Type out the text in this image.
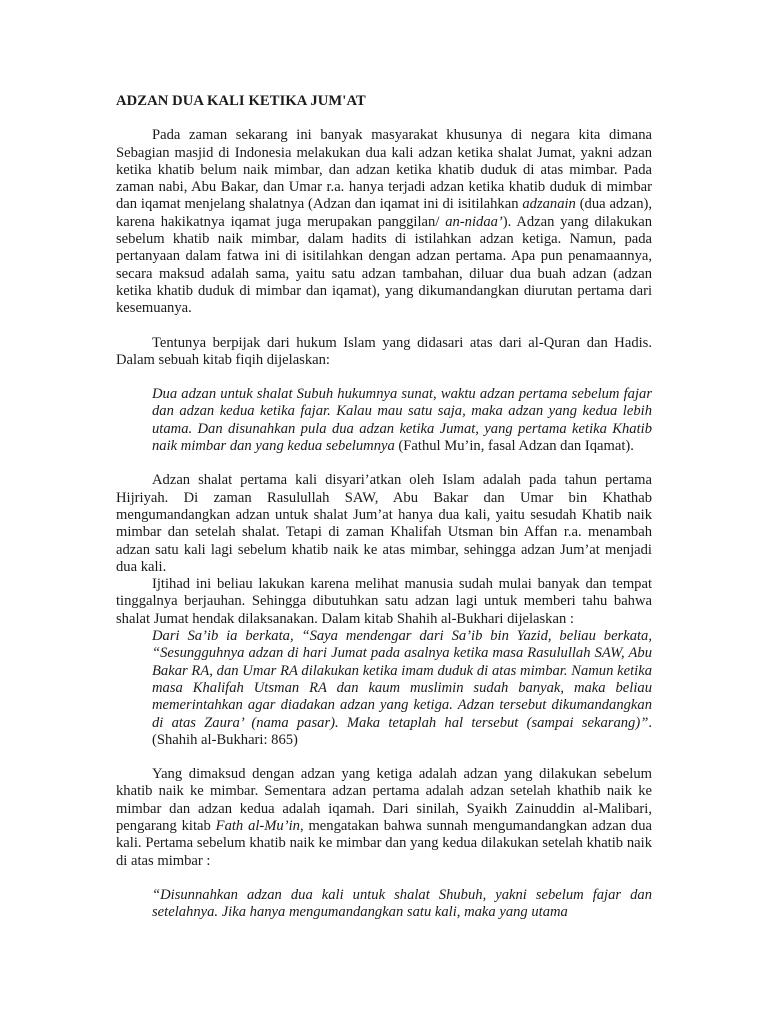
ADZAN DUA KALI KETIKA JUM'AT

Pada zaman sekarang ini banyak masyarakat khusunya di negara kita dimana Sebagian masjid di Indonesia melakukan dua kali adzan ketika shalat Jumat, yakni adzan ketika khatib belum naik mimbar, dan adzan ketika khatib duduk di atas mimbar. Pada zaman nabi, Abu Bakar, dan Umar r.a. hanya terjadi adzan ketika khatib duduk di mimbar dan iqamat menjelang shalatnya (Adzan dan iqamat ini di isitilahkan adzanain (dua adzan), karena hakikatnya iqamat juga merupakan panggilan/ an-nidaa’). Adzan yang dilakukan sebelum khatib naik mimbar, dalam hadits di istilahkan adzan ketiga. Namun, pada pertanyaan dalam fatwa ini di isitilahkan dengan adzan pertama. Apa pun penamaannya, secara maksud adalah sama, yaitu satu adzan tambahan, diluar dua buah adzan (adzan ketika khatib duduk di mimbar dan iqamat), yang dikumandangkan diurutan pertama dari kesemuanya.

Tentunya berpijak dari hukum Islam yang didasari atas dari al-Quran dan Hadis. Dalam sebuah kitab fiqih dijelaskan:

Dua adzan untuk shalat Subuh hukumnya sunat, waktu adzan pertama sebelum fajar dan adzan kedua ketika fajar. Kalau mau satu saja, maka adzan yang kedua lebih utama. Dan disunahkan pula dua adzan ketika Jumat, yang pertama ketika Khatib naik mimbar dan yang kedua sebelumnya (Fathul Mu’in, fasal Adzan dan Iqamat).

Adzan shalat pertama kali disyari’atkan oleh Islam adalah pada tahun pertama Hijriyah. Di zaman Rasulullah SAW, Abu Bakar dan Umar bin Khathab mengumandangkan adzan untuk shalat Jum’at hanya dua kali, yaitu sesudah Khatib naik mimbar dan setelah shalat. Tetapi di zaman Khalifah Utsman bin Affan r.a. menambah adzan satu kali lagi sebelum khatib naik ke atas mimbar, sehingga adzan Jum’at menjadi dua kali.

Ijtihad ini beliau lakukan karena melihat manusia sudah mulai banyak dan tempat tinggalnya berjauhan. Sehingga dibutuhkan satu adzan lagi untuk memberi tahu bahwa shalat Jumat hendak dilaksanakan. Dalam kitab Shahih al-Bukhari dijelaskan :

Dari Sa’ib ia berkata, “Saya mendengar dari Sa’ib bin Yazid, beliau berkata, “Sesungguhnya adzan di hari Jumat pada asalnya ketika masa Rasulullah SAW, Abu Bakar RA, dan Umar RA dilakukan ketika imam duduk di atas mimbar. Namun ketika masa Khalifah Utsman RA dan kaum muslimin sudah banyak, maka beliau memerintahkan agar diadakan adzan yang ketiga. Adzan tersebut dikumandangkan di atas Zaura’ (nama pasar). Maka tetaplah hal tersebut (sampai sekarang)”. (Shahih al-Bukhari: 865)

Yang dimaksud dengan adzan yang ketiga adalah adzan yang dilakukan sebelum khatib naik ke mimbar. Sementara adzan pertama adalah adzan setelah khathib naik ke mimbar dan adzan kedua adalah iqamah. Dari sinilah, Syaikh Zainuddin al-Malibari, pengarang kitab Fath al-Mu’in, mengatakan bahwa sunnah mengumandangkan adzan dua kali. Pertama sebelum khatib naik ke mimbar dan yang kedua dilakukan setelah khatib naik di atas mimbar :

“Disunnahkan adzan dua kali untuk shalat Shubuh, yakni sebelum fajar dan setelahnya. Jika hanya mengumandangkan satu kali, maka yang utama
